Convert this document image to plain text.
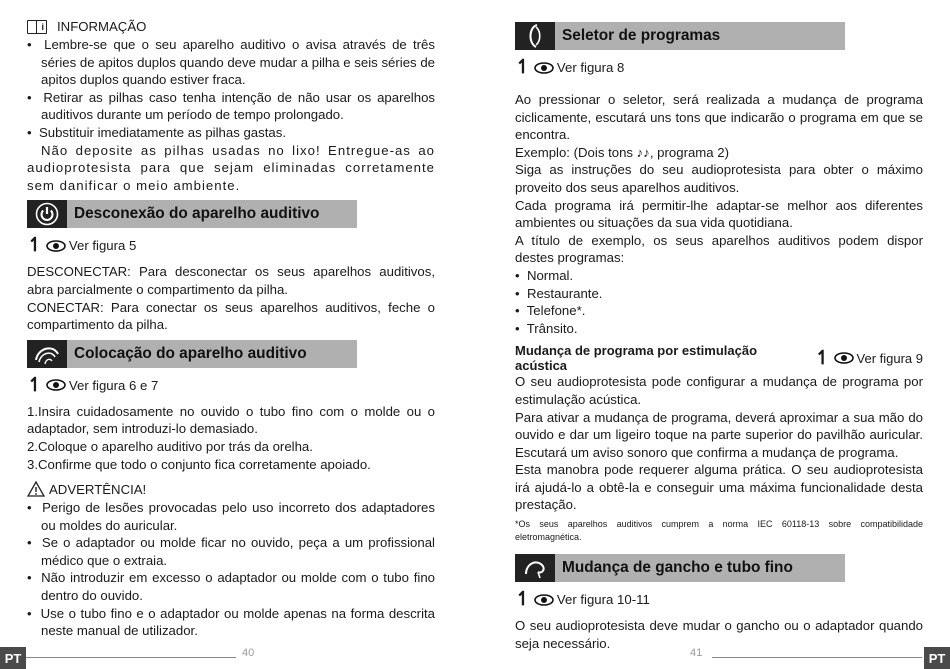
i INFORMAÇÃO
•  Lembre-se que o seu aparelho auditivo o avisa através de três séries de apitos duplos quando deve mudar a pilha e seis séries de apitos duplos quando estiver fraca.
•  Retirar as pilhas caso tenha intenção de não usar os aparelhos auditivos durante um período de tempo prolongado.
•  Substituir imediatamente as pilhas gastas.

Não deposite as pilhas usadas no lixo! Entregue-as ao audioprotesista para que sejam eliminadas corretamente sem danificar o meio ambiente.

Desconexão do aparelho auditivo
↿ Ver figura 5

DESCONECTAR: Para desconectar os seus aparelhos auditivos, abra parcialmente o compartimento da pilha.

CONECTAR: Para conectar os seus aparelhos auditivos, feche o compartimento da pilha.

Colocação do aparelho auditivo
↿ Ver figura 6 e 7

1.Insira cuidadosamente no ouvido o tubo fino com o molde ou o adaptador, sem introduzi-lo demasiado.

2.Coloque o aparelho auditivo por trás da orelha.

3.Confirme que todo o conjunto fica corretamente apoiado.

ADVERTÊNCIA!
•  Perigo de lesões provocadas pelo uso incorreto dos adaptadores ou moldes do auricular.
•  Se o adaptador ou molde ficar no ouvido, peça a um profissional médico que o extraia.
•  Não introduzir em excesso o adaptador ou molde com o tubo fino dentro do ouvido.
•  Use o tubo fino e o adaptador ou molde apenas na forma descrita neste manual de utilizador.
PT	40
Seletor de programas
↿ Ver figura 8

Ao pressionar o seletor, será realizada a mudança de programa ciclicamente, escutará uns tons que indicarão o programa em que se encontra.

Exemplo: (Dois tons ♪♪, programa 2)

Siga as instruções do seu audioprotesista para obter o máximo proveito dos seus aparelhos auditivos.

Cada programa irá permitir-lhe adaptar-se melhor aos diferentes ambientes ou situações da sua vida quotidiana.

A título de exemplo, os seus aparelhos auditivos podem dispor destes programas:

•  Normal.
•  Restaurante.
•  Telefone*.
•  Trânsito.
Mudança de programa por estimulação acústica	↿ Ver figura 9

O seu audioprotesista pode configurar a mudança de programa por estimulação acústica.

Para ativar a mudança de programa, deverá aproximar a sua mão do ouvido e dar um ligeiro toque na parte superior do pavilhão auricular. Escutará um aviso sonoro que confirma a mudança de programa.

Esta manobra pode requerer alguma prática. O seu audioprotesista irá ajudá-lo a obtê-la e conseguir uma máxima funcionalidade desta prestação.

*Os seus aparelhos auditivos cumprem a norma IEC 60118-13 sobre compatibilidade eletromagnética.

Mudança de gancho e tubo fino
↿ Ver figura 10-11

O seu audioprotesista deve mudar o gancho ou o adaptador quando seja necessário.

41	PT
